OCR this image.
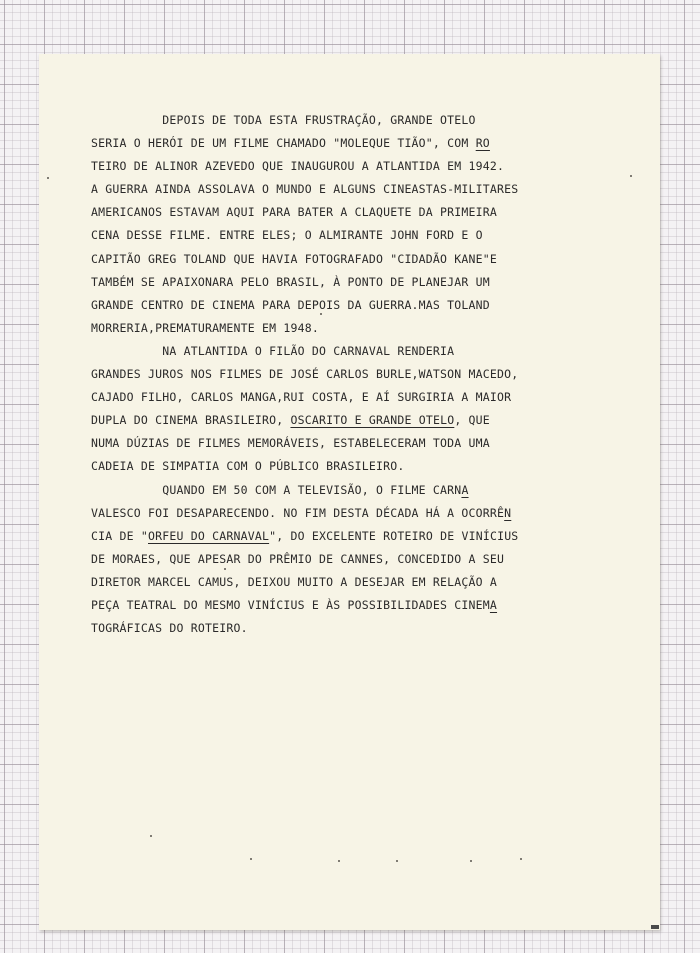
DEPOIS DE TODA ESTA FRUSTRAÇÃO, GRANDE OTELO
SERIA O HERÓI DE UM FILME CHAMADO "MOLEQUE TIÃO", COM RO
TEIRO DE ALINOR AZEVEDO QUE INAUGUROU A ATLANTIDA EM 1942.
A GUERRA AINDA ASSOLAVA O MUNDO E ALGUNS CINEASTAS-MILITARES
AMERICANOS ESTAVAM AQUI PARA BATER A CLAQUETE DA PRIMEIRA
CENA DESSE FILME. ENTRE ELES; O ALMIRANTE JOHN FORD E O
CAPITÃO GREG TOLAND QUE HAVIA FOTOGRAFADO "CIDADÃO KANE"E
TAMBÉM SE APAIXONARA PELO BRASIL, À PONTO DE PLANEJAR UM
GRANDE CENTRO DE CINEMA PARA DEPOIS DA GUERRA.MAS TOLAND
MORRERIA,PREMATURAMENTE EM 1948.
NA ATLANTIDA O FILÃO DO CARNAVAL RENDERIA
GRANDES JUROS NOS FILMES DE JOSÉ CARLOS BURLE,WATSON MACEDO,
CAJADO FILHO, CARLOS MANGA,RUI COSTA, E AÍ SURGIRIA A MAIOR
DUPLA DO CINEMA BRASILEIRO, OSCARITO E GRANDE OTELO, QUE
NUMA DÚZIAS DE FILMES MEMORÁVEIS, ESTABELECERAM TODA UMA
CADEIA DE SIMPATIA COM O PÚBLICO BRASILEIRO.
QUANDO EM 50 COM A TELEVISÃO, O FILME CARNA
VALESCO FOI DESAPARECENDO. NO FIM DESTA DÉCADA HÁ A OCORRÊN
CIA DE "ORFEU DO CARNAVAL", DO EXCELENTE ROTEIRO DE VINÍCIUS
DE MORAES, QUE APESAR DO PRÊMIO DE CANNES, CONCEDIDO A SEU
DIRETOR MARCEL CAMUS, DEIXOU MUITO A DESEJAR EM RELAÇÃO A
PEÇA TEATRAL DO MESMO VINÍCIUS E ÀS POSSIBILIDADES CINEMA
TOGRÁFICAS DO ROTEIRO.
